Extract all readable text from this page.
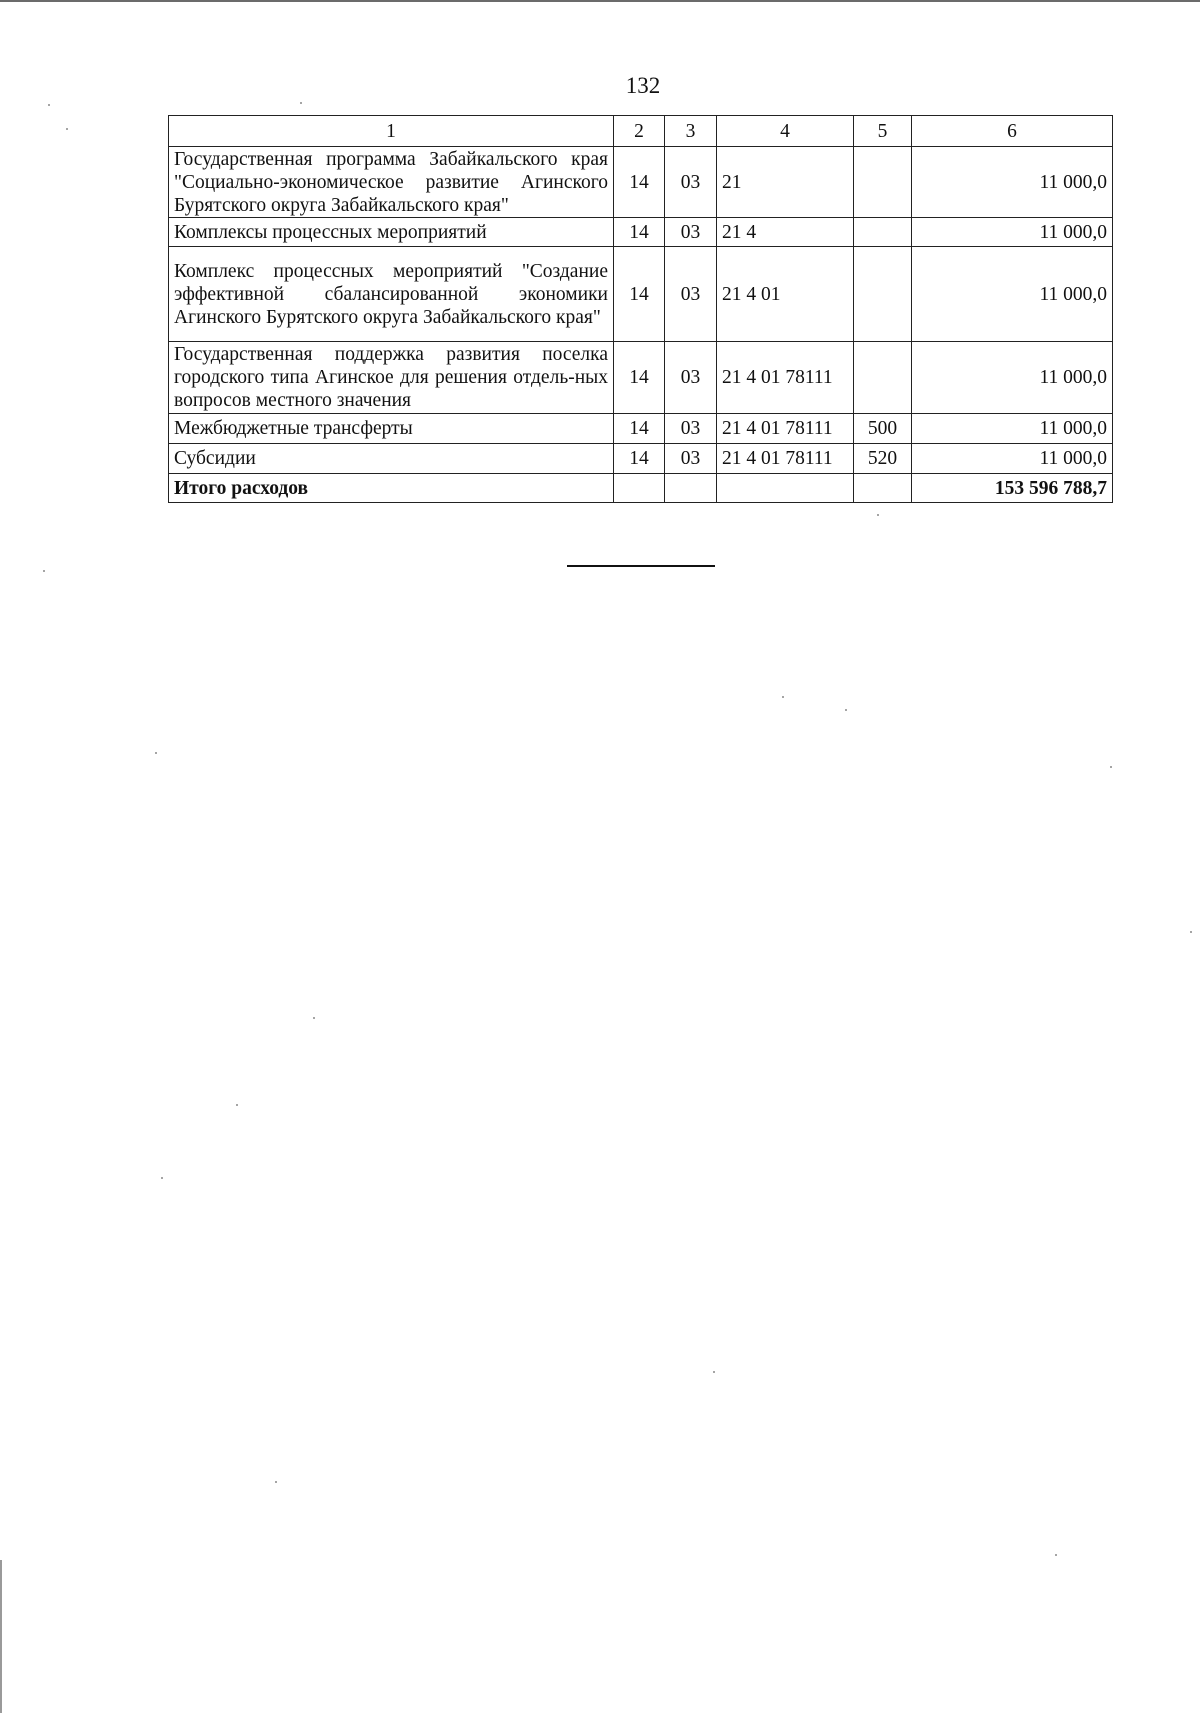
132
1	2	3	4	5	6
Государственная программа Забайкальского края "Социально-экономическое развитие Агинского Бурятского округа Забайкальского края"	14	03	21		11 000,0
Комплексы процессных мероприятий	14	03	21 4		11 000,0
Комплекс процессных мероприятий "Создание эффективной сбалансированной экономики Агинского Бурятского округа Забайкальского края"	14	03	21 4 01		11 000,0
Государственная поддержка развития поселка городского типа Агинское для решения отдель-ных вопросов местного значения	14	03	21 4 01 78111		11 000,0
Межбюджетные трансферты	14	03	21 4 01 78111	500	11 000,0
Субсидии	14	03	21 4 01 78111	520	11 000,0
Итого расходов					153 596 788,7
